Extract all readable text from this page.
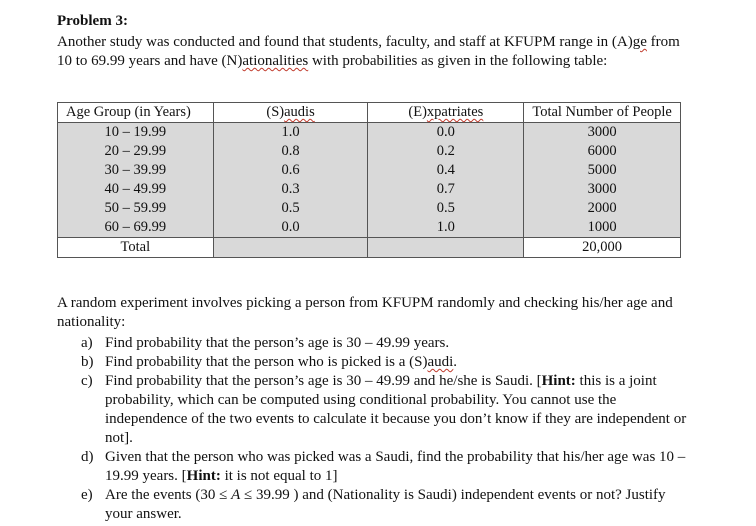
Problem 3:

Another study was conducted and found that students, faculty, and staff at KFUPM range in (A)ge from 10 to 69.99 years and have (N)ationalities with probabilities as given in the following table:

Age Group (in Years)	(S)audis	(E)xpatriates	Total Number of People
10 – 19.99	1.0	0.0	3000
20 – 29.99	0.8	0.2	6000
30 – 39.99	0.6	0.4	5000
40 – 49.99	0.3	0.7	3000
50 – 59.99	0.5	0.5	2000
60 – 69.99	0.0	1.0	1000
Total			20,000

A random experiment involves picking a person from KFUPM randomly and checking his/her age and nationality:

a) Find probability that the person’s age is 30 – 49.99 years.
b) Find probability that the person who is picked is a (S)audi.
c) Find probability that the person’s age is 30 – 49.99 and he/she is Saudi. [Hint: this is a joint probability, which can be computed using conditional probability. You cannot use the independence of the two events to calculate it because you don’t know if they are independent or not].
d) Given that the person who was picked was a Saudi, find the probability that his/her age was 10 – 19.99 years. [Hint: it is not equal to 1]
e) Are the events (30 ≤ A ≤ 39.99 ) and (Nationality is Saudi) independent events or not? Justify your answer.
